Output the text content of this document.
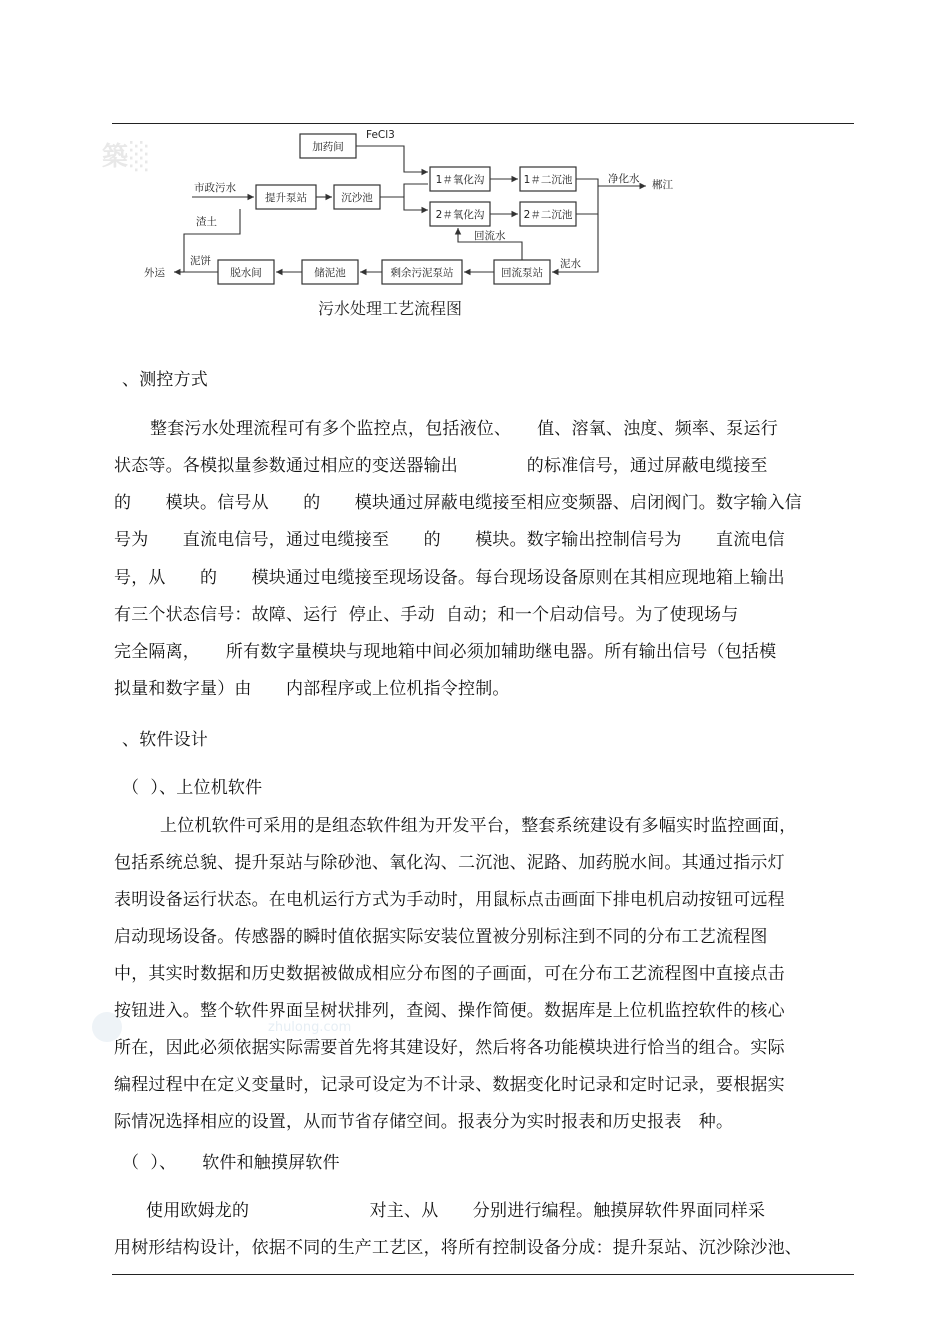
築░
zhulong.com
加药间
提升泵站	沉沙池
1＃氧化沟
2＃氧化沟
1＃二沉池
2＃二沉池
脱水间	储泥池	剩余污泥泵站	回流泵站
FeCl3
市政污水
净化水 郴江
渣土
外运
泥饼
回流水
泥水
污水处理工艺流程图
、测控方式
整套污水处理流程可有多个监控点，包括液位、　　值、溶氧、浊度、频率、泵运行
状态等。各模拟量参数通过相应的变送器输出　　　　的标准信号，通过屏蔽电缆接至
的　　模块。信号从　　的　　模块通过屏蔽电缆接至相应变频器、启闭阀门。数字输入信
号为　　直流电信号，通过电缆接至　　的　　模块。数字输出控制信号为　　直流电信
号，从　　的　　模块通过电缆接至现场设备。每台现场设备原则在其相应现地箱上输出
有三个状态信号：故障、运行  停止、手动  自动；和一个启动信号。为了使现场与
完全隔离，　　所有数字量模块与现地箱中间必须加辅助继电器。所有输出信号（包括模
拟量和数字量）由　　内部程序或上位机指令控制。
、软件设计
（  ）、上位机软件
上位机软件可采用的是组态软件组为开发平台，整套系统建设有多幅实时监控画面，
包括系统总貌、提升泵站与除砂池、氧化沟、二沉池、泥路、加药脱水间。其通过指示灯
表明设备运行状态。在电机运行方式为手动时，用鼠标点击画面下排电机启动按钮可远程
启动现场设备。传感器的瞬时值依据实际安装位置被分别标注到不同的分布工艺流程图
中，其实时数据和历史数据被做成相应分布图的子画面，可在分布工艺流程图中直接点击
按钮进入。整个软件界面呈树状排列，查阅、操作简便。数据库是上位机监控软件的核心
所在，因此必须依据实际需要首先将其建设好，然后将各功能模块进行恰当的组合。实际
编程过程中在定义变量时，记录可设定为不计录、数据变化时记录和定时记录，要根据实
际情况选择相应的设置，从而节省存储空间。报表分为实时报表和历史报表　种。
（  ）、　　软件和触摸屏软件
使用欧姆龙的　　　　　　　对主、从　　分别进行编程。触摸屏软件界面同样采
用树形结构设计，依据不同的生产工艺区，将所有控制设备分成：提升泵站、沉沙除沙池、
